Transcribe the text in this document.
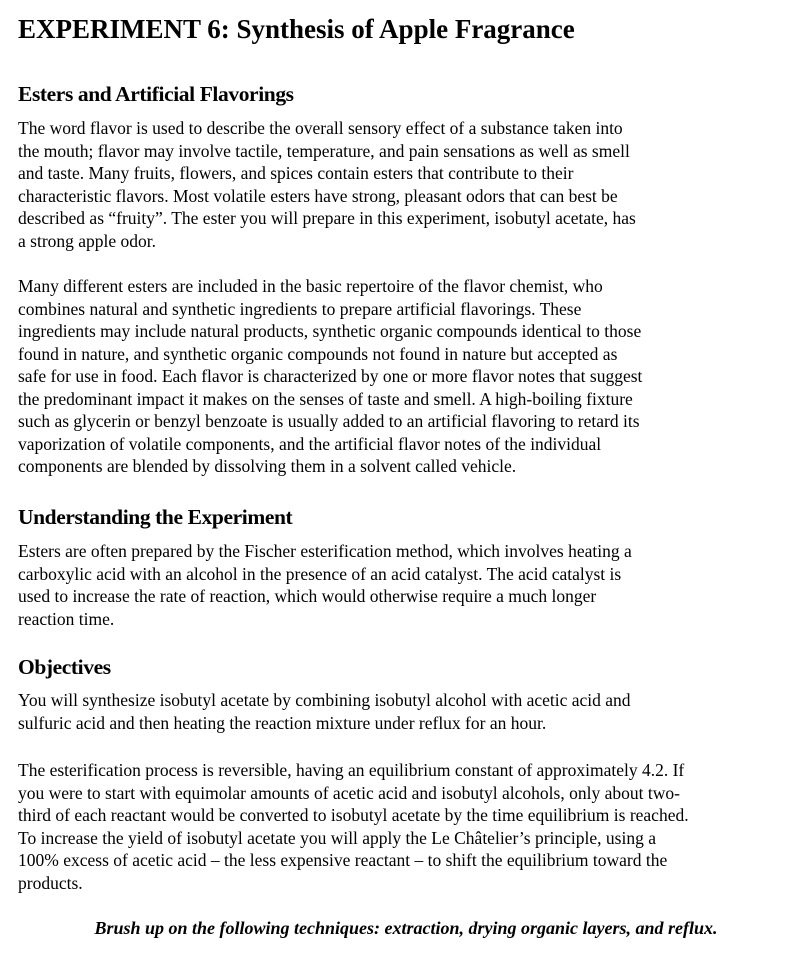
EXPERIMENT 6: Synthesis of Apple Fragrance
Esters and Artificial Flavorings

The word flavor is used to describe the overall sensory effect of a substance taken into
the mouth; flavor may involve tactile, temperature, and pain sensations as well as smell
and taste. Many fruits, flowers, and spices contain esters that contribute to their
characteristic flavors. Most volatile esters have strong, pleasant odors that can best be
described as “fruity”. The ester you will prepare in this experiment, isobutyl acetate, has
a strong apple odor.

Many different esters are included in the basic repertoire of the flavor chemist, who
combines natural and synthetic ingredients to prepare artificial flavorings. These
ingredients may include natural products, synthetic organic compounds identical to those
found in nature, and synthetic organic compounds not found in nature but accepted as
safe for use in food. Each flavor is characterized by one or more flavor notes that suggest
the predominant impact it makes on the senses of taste and smell. A high-boiling fixture
such as glycerin or benzyl benzoate is usually added to an artificial flavoring to retard its
vaporization of volatile components, and the artificial flavor notes of the individual
components are blended by dissolving them in a solvent called vehicle.

Understanding the Experiment

Esters are often prepared by the Fischer esterification method, which involves heating a
carboxylic acid with an alcohol in the presence of an acid catalyst. The acid catalyst is
used to increase the rate of reaction, which would otherwise require a much longer
reaction time.

Objectives

You will synthesize isobutyl acetate by combining isobutyl alcohol with acetic acid and
sulfuric acid and then heating the reaction mixture under reflux for an hour.

The esterification process is reversible, having an equilibrium constant of approximately 4.2. If
you were to start with equimolar amounts of acetic acid and isobutyl alcohols, only about two-
third of each reactant would be converted to isobutyl acetate by the time equilibrium is reached.
To increase the yield of isobutyl acetate you will apply the Le Châtelier’s principle, using a
100% excess of acetic acid – the less expensive reactant – to shift the equilibrium toward the
products.

Brush up on the following techniques: extraction, drying organic layers, and reflux.
